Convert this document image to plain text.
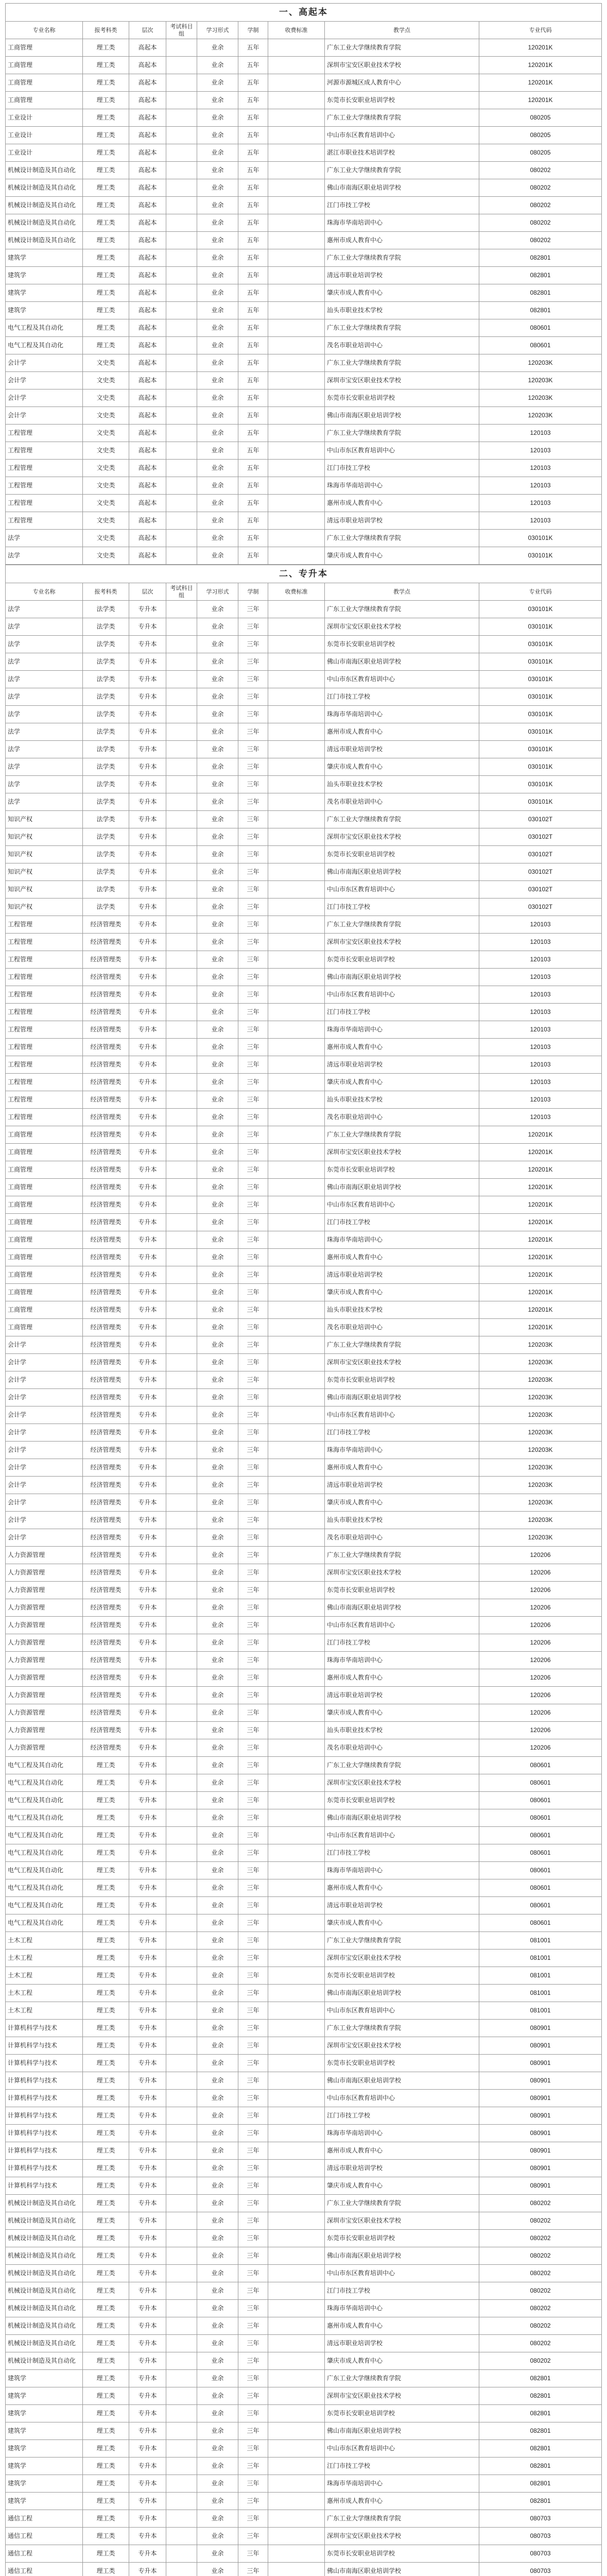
一、高起本
专业名称	报考科类	层次	考试科目组	学习形式	学制	收费标准	教学点	专业代码
工商管理	理工类	高起本		业余	五年		广东工业大学继续教育学院	120201K
工商管理	理工类	高起本		业余	五年		深圳市宝安区职业技术学校	120201K
工商管理	理工类	高起本		业余	五年		河源市源城区成人教育中心	120201K
工商管理	理工类	高起本		业余	五年		东莞市长安职业培训学校	120201K
工业设计	理工类	高起本		业余	五年		广东工业大学继续教育学院	080205
工业设计	理工类	高起本		业余	五年		中山市东区教育培训中心	080205
工业设计	理工类	高起本		业余	五年		湛江市职业技术培训学校	080205
机械设计制造及其自动化	理工类	高起本		业余	五年		广东工业大学继续教育学院	080202
机械设计制造及其自动化	理工类	高起本		业余	五年		佛山市南海区职业培训学校	080202
机械设计制造及其自动化	理工类	高起本		业余	五年		江门市技工学校	080202
机械设计制造及其自动化	理工类	高起本		业余	五年		珠海市华南培训中心	080202
机械设计制造及其自动化	理工类	高起本		业余	五年		惠州市成人教育中心	080202
建筑学	理工类	高起本		业余	五年		广东工业大学继续教育学院	082801
建筑学	理工类	高起本		业余	五年		清远市职业培训学校	082801
建筑学	理工类	高起本		业余	五年		肇庆市成人教育中心	082801
建筑学	理工类	高起本		业余	五年		汕头市职业技术学校	082801
电气工程及其自动化	理工类	高起本		业余	五年		广东工业大学继续教育学院	080601
电气工程及其自动化	理工类	高起本		业余	五年		茂名市职业培训中心	080601
会计学	文史类	高起本		业余	五年		广东工业大学继续教育学院	120203K
会计学	文史类	高起本		业余	五年		深圳市宝安区职业技术学校	120203K
会计学	文史类	高起本		业余	五年		东莞市长安职业培训学校	120203K
会计学	文史类	高起本		业余	五年		佛山市南海区职业培训学校	120203K
工程管理	文史类	高起本		业余	五年		广东工业大学继续教育学院	120103
工程管理	文史类	高起本		业余	五年		中山市东区教育培训中心	120103
工程管理	文史类	高起本		业余	五年		江门市技工学校	120103
工程管理	文史类	高起本		业余	五年		珠海市华南培训中心	120103
工程管理	文史类	高起本		业余	五年		惠州市成人教育中心	120103
工程管理	文史类	高起本		业余	五年		清远市职业培训学校	120103
法学	文史类	高起本		业余	五年		广东工业大学继续教育学院	030101K
法学	文史类	高起本		业余	五年		肇庆市成人教育中心	030101K
二、专升本
专业名称	报考科类	层次	考试科目组	学习形式	学制	收费标准	教学点	专业代码
法学	法学类	专升本		业余	三年		广东工业大学继续教育学院	030101K
法学	法学类	专升本		业余	三年		深圳市宝安区职业技术学校	030101K
法学	法学类	专升本		业余	三年		东莞市长安职业培训学校	030101K
法学	法学类	专升本		业余	三年		佛山市南海区职业培训学校	030101K
法学	法学类	专升本		业余	三年		中山市东区教育培训中心	030101K
法学	法学类	专升本		业余	三年		江门市技工学校	030101K
法学	法学类	专升本		业余	三年		珠海市华南培训中心	030101K
法学	法学类	专升本		业余	三年		惠州市成人教育中心	030101K
法学	法学类	专升本		业余	三年		清远市职业培训学校	030101K
法学	法学类	专升本		业余	三年		肇庆市成人教育中心	030101K
法学	法学类	专升本		业余	三年		汕头市职业技术学校	030101K
法学	法学类	专升本		业余	三年		茂名市职业培训中心	030101K
知识产权	法学类	专升本		业余	三年		广东工业大学继续教育学院	030102T
知识产权	法学类	专升本		业余	三年		深圳市宝安区职业技术学校	030102T
知识产权	法学类	专升本		业余	三年		东莞市长安职业培训学校	030102T
知识产权	法学类	专升本		业余	三年		佛山市南海区职业培训学校	030102T
知识产权	法学类	专升本		业余	三年		中山市东区教育培训中心	030102T
知识产权	法学类	专升本		业余	三年		江门市技工学校	030102T
工程管理	经济管理类	专升本		业余	三年		广东工业大学继续教育学院	120103
工程管理	经济管理类	专升本		业余	三年		深圳市宝安区职业技术学校	120103
工程管理	经济管理类	专升本		业余	三年		东莞市长安职业培训学校	120103
工程管理	经济管理类	专升本		业余	三年		佛山市南海区职业培训学校	120103
工程管理	经济管理类	专升本		业余	三年		中山市东区教育培训中心	120103
工程管理	经济管理类	专升本		业余	三年		江门市技工学校	120103
工程管理	经济管理类	专升本		业余	三年		珠海市华南培训中心	120103
工程管理	经济管理类	专升本		业余	三年		惠州市成人教育中心	120103
工程管理	经济管理类	专升本		业余	三年		清远市职业培训学校	120103
工程管理	经济管理类	专升本		业余	三年		肇庆市成人教育中心	120103
工程管理	经济管理类	专升本		业余	三年		汕头市职业技术学校	120103
工程管理	经济管理类	专升本		业余	三年		茂名市职业培训中心	120103
工商管理	经济管理类	专升本		业余	三年		广东工业大学继续教育学院	120201K
工商管理	经济管理类	专升本		业余	三年		深圳市宝安区职业技术学校	120201K
工商管理	经济管理类	专升本		业余	三年		东莞市长安职业培训学校	120201K
工商管理	经济管理类	专升本		业余	三年		佛山市南海区职业培训学校	120201K
工商管理	经济管理类	专升本		业余	三年		中山市东区教育培训中心	120201K
工商管理	经济管理类	专升本		业余	三年		江门市技工学校	120201K
工商管理	经济管理类	专升本		业余	三年		珠海市华南培训中心	120201K
工商管理	经济管理类	专升本		业余	三年		惠州市成人教育中心	120201K
工商管理	经济管理类	专升本		业余	三年		清远市职业培训学校	120201K
工商管理	经济管理类	专升本		业余	三年		肇庆市成人教育中心	120201K
工商管理	经济管理类	专升本		业余	三年		汕头市职业技术学校	120201K
工商管理	经济管理类	专升本		业余	三年		茂名市职业培训中心	120201K
会计学	经济管理类	专升本		业余	三年		广东工业大学继续教育学院	120203K
会计学	经济管理类	专升本		业余	三年		深圳市宝安区职业技术学校	120203K
会计学	经济管理类	专升本		业余	三年		东莞市长安职业培训学校	120203K
会计学	经济管理类	专升本		业余	三年		佛山市南海区职业培训学校	120203K
会计学	经济管理类	专升本		业余	三年		中山市东区教育培训中心	120203K
会计学	经济管理类	专升本		业余	三年		江门市技工学校	120203K
会计学	经济管理类	专升本		业余	三年		珠海市华南培训中心	120203K
会计学	经济管理类	专升本		业余	三年		惠州市成人教育中心	120203K
会计学	经济管理类	专升本		业余	三年		清远市职业培训学校	120203K
会计学	经济管理类	专升本		业余	三年		肇庆市成人教育中心	120203K
会计学	经济管理类	专升本		业余	三年		汕头市职业技术学校	120203K
会计学	经济管理类	专升本		业余	三年		茂名市职业培训中心	120203K
人力资源管理	经济管理类	专升本		业余	三年		广东工业大学继续教育学院	120206
人力资源管理	经济管理类	专升本		业余	三年		深圳市宝安区职业技术学校	120206
人力资源管理	经济管理类	专升本		业余	三年		东莞市长安职业培训学校	120206
人力资源管理	经济管理类	专升本		业余	三年		佛山市南海区职业培训学校	120206
人力资源管理	经济管理类	专升本		业余	三年		中山市东区教育培训中心	120206
人力资源管理	经济管理类	专升本		业余	三年		江门市技工学校	120206
人力资源管理	经济管理类	专升本		业余	三年		珠海市华南培训中心	120206
人力资源管理	经济管理类	专升本		业余	三年		惠州市成人教育中心	120206
人力资源管理	经济管理类	专升本		业余	三年		清远市职业培训学校	120206
人力资源管理	经济管理类	专升本		业余	三年		肇庆市成人教育中心	120206
人力资源管理	经济管理类	专升本		业余	三年		汕头市职业技术学校	120206
人力资源管理	经济管理类	专升本		业余	三年		茂名市职业培训中心	120206
电气工程及其自动化	理工类	专升本		业余	三年		广东工业大学继续教育学院	080601
电气工程及其自动化	理工类	专升本		业余	三年		深圳市宝安区职业技术学校	080601
电气工程及其自动化	理工类	专升本		业余	三年		东莞市长安职业培训学校	080601
电气工程及其自动化	理工类	专升本		业余	三年		佛山市南海区职业培训学校	080601
电气工程及其自动化	理工类	专升本		业余	三年		中山市东区教育培训中心	080601
电气工程及其自动化	理工类	专升本		业余	三年		江门市技工学校	080601
电气工程及其自动化	理工类	专升本		业余	三年		珠海市华南培训中心	080601
电气工程及其自动化	理工类	专升本		业余	三年		惠州市成人教育中心	080601
电气工程及其自动化	理工类	专升本		业余	三年		清远市职业培训学校	080601
电气工程及其自动化	理工类	专升本		业余	三年		肇庆市成人教育中心	080601
土木工程	理工类	专升本		业余	三年		广东工业大学继续教育学院	081001
土木工程	理工类	专升本		业余	三年		深圳市宝安区职业技术学校	081001
土木工程	理工类	专升本		业余	三年		东莞市长安职业培训学校	081001
土木工程	理工类	专升本		业余	三年		佛山市南海区职业培训学校	081001
土木工程	理工类	专升本		业余	三年		中山市东区教育培训中心	081001
计算机科学与技术	理工类	专升本		业余	三年		广东工业大学继续教育学院	080901
计算机科学与技术	理工类	专升本		业余	三年		深圳市宝安区职业技术学校	080901
计算机科学与技术	理工类	专升本		业余	三年		东莞市长安职业培训学校	080901
计算机科学与技术	理工类	专升本		业余	三年		佛山市南海区职业培训学校	080901
计算机科学与技术	理工类	专升本		业余	三年		中山市东区教育培训中心	080901
计算机科学与技术	理工类	专升本		业余	三年		江门市技工学校	080901
计算机科学与技术	理工类	专升本		业余	三年		珠海市华南培训中心	080901
计算机科学与技术	理工类	专升本		业余	三年		惠州市成人教育中心	080901
计算机科学与技术	理工类	专升本		业余	三年		清远市职业培训学校	080901
计算机科学与技术	理工类	专升本		业余	三年		肇庆市成人教育中心	080901
机械设计制造及其自动化	理工类	专升本		业余	三年		广东工业大学继续教育学院	080202
机械设计制造及其自动化	理工类	专升本		业余	三年		深圳市宝安区职业技术学校	080202
机械设计制造及其自动化	理工类	专升本		业余	三年		东莞市长安职业培训学校	080202
机械设计制造及其自动化	理工类	专升本		业余	三年		佛山市南海区职业培训学校	080202
机械设计制造及其自动化	理工类	专升本		业余	三年		中山市东区教育培训中心	080202
机械设计制造及其自动化	理工类	专升本		业余	三年		江门市技工学校	080202
机械设计制造及其自动化	理工类	专升本		业余	三年		珠海市华南培训中心	080202
机械设计制造及其自动化	理工类	专升本		业余	三年		惠州市成人教育中心	080202
机械设计制造及其自动化	理工类	专升本		业余	三年		清远市职业培训学校	080202
机械设计制造及其自动化	理工类	专升本		业余	三年		肇庆市成人教育中心	080202
建筑学	理工类	专升本		业余	三年		广东工业大学继续教育学院	082801
建筑学	理工类	专升本		业余	三年		深圳市宝安区职业技术学校	082801
建筑学	理工类	专升本		业余	三年		东莞市长安职业培训学校	082801
建筑学	理工类	专升本		业余	三年		佛山市南海区职业培训学校	082801
建筑学	理工类	专升本		业余	三年		中山市东区教育培训中心	082801
建筑学	理工类	专升本		业余	三年		江门市技工学校	082801
建筑学	理工类	专升本		业余	三年		珠海市华南培训中心	082801
建筑学	理工类	专升本		业余	三年		惠州市成人教育中心	082801
通信工程	理工类	专升本		业余	三年		广东工业大学继续教育学院	080703
通信工程	理工类	专升本		业余	三年		深圳市宝安区职业技术学校	080703
通信工程	理工类	专升本		业余	三年		东莞市长安职业培训学校	080703
通信工程	理工类	专升本		业余	三年		佛山市南海区职业培训学校	080703
